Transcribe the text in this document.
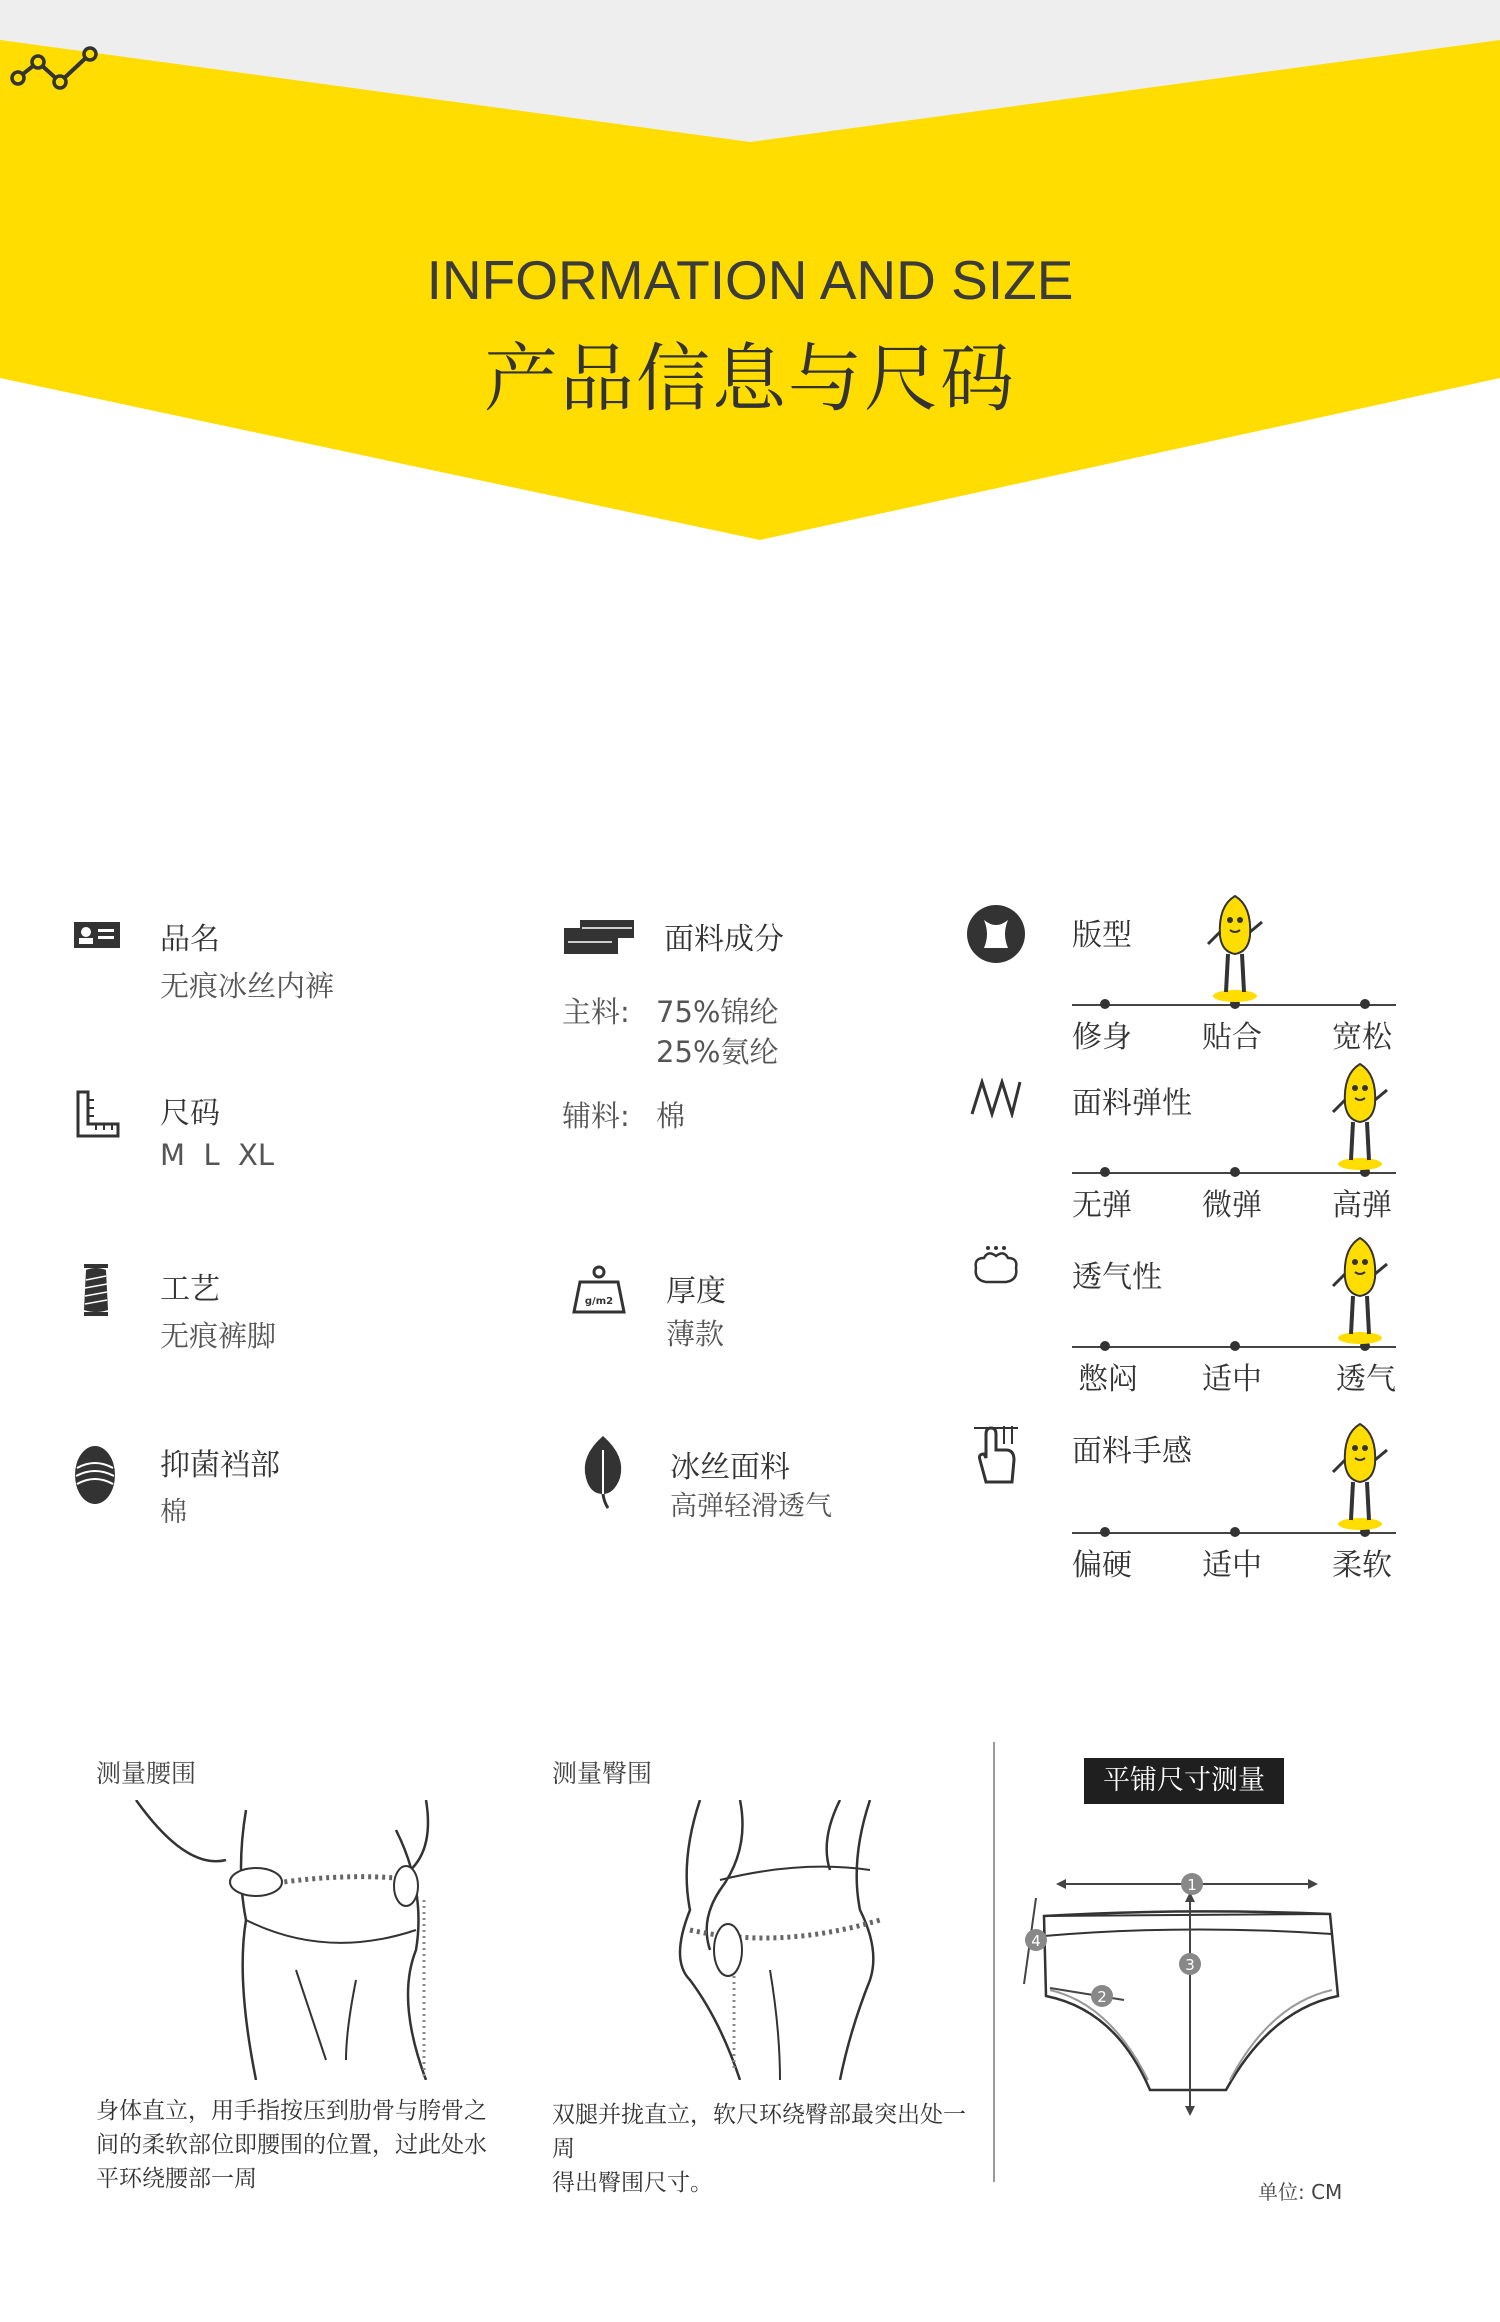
INFORMATION AND SIZE
产品信息与尺码
品名
无痕冰丝内裤
尺码
M  L  XL
工艺
无痕裤脚
抑菌裆部
棉
面料成分
主料: 75%锦纶
25%氨纶
辅料: 棉
g/m2 厚度
薄款
冰丝面料
高弹轻滑透气
版型
修身 贴合 宽松
面料弹性
无弹 微弹 高弹
透气性
憋闷 适中 透气
面料手感
偏硬 适中 柔软
测量腰围
身体直立，用手指按压到肋骨与胯骨之
间的柔软部位即腰围的位置，过此处水
平环绕腰部一周
测量臀围
双腿并拢直立，软尺环绕臀部最突出处一周
得出臀围尺寸。
平铺尺寸测量
1
2
3
4
单位: CM
